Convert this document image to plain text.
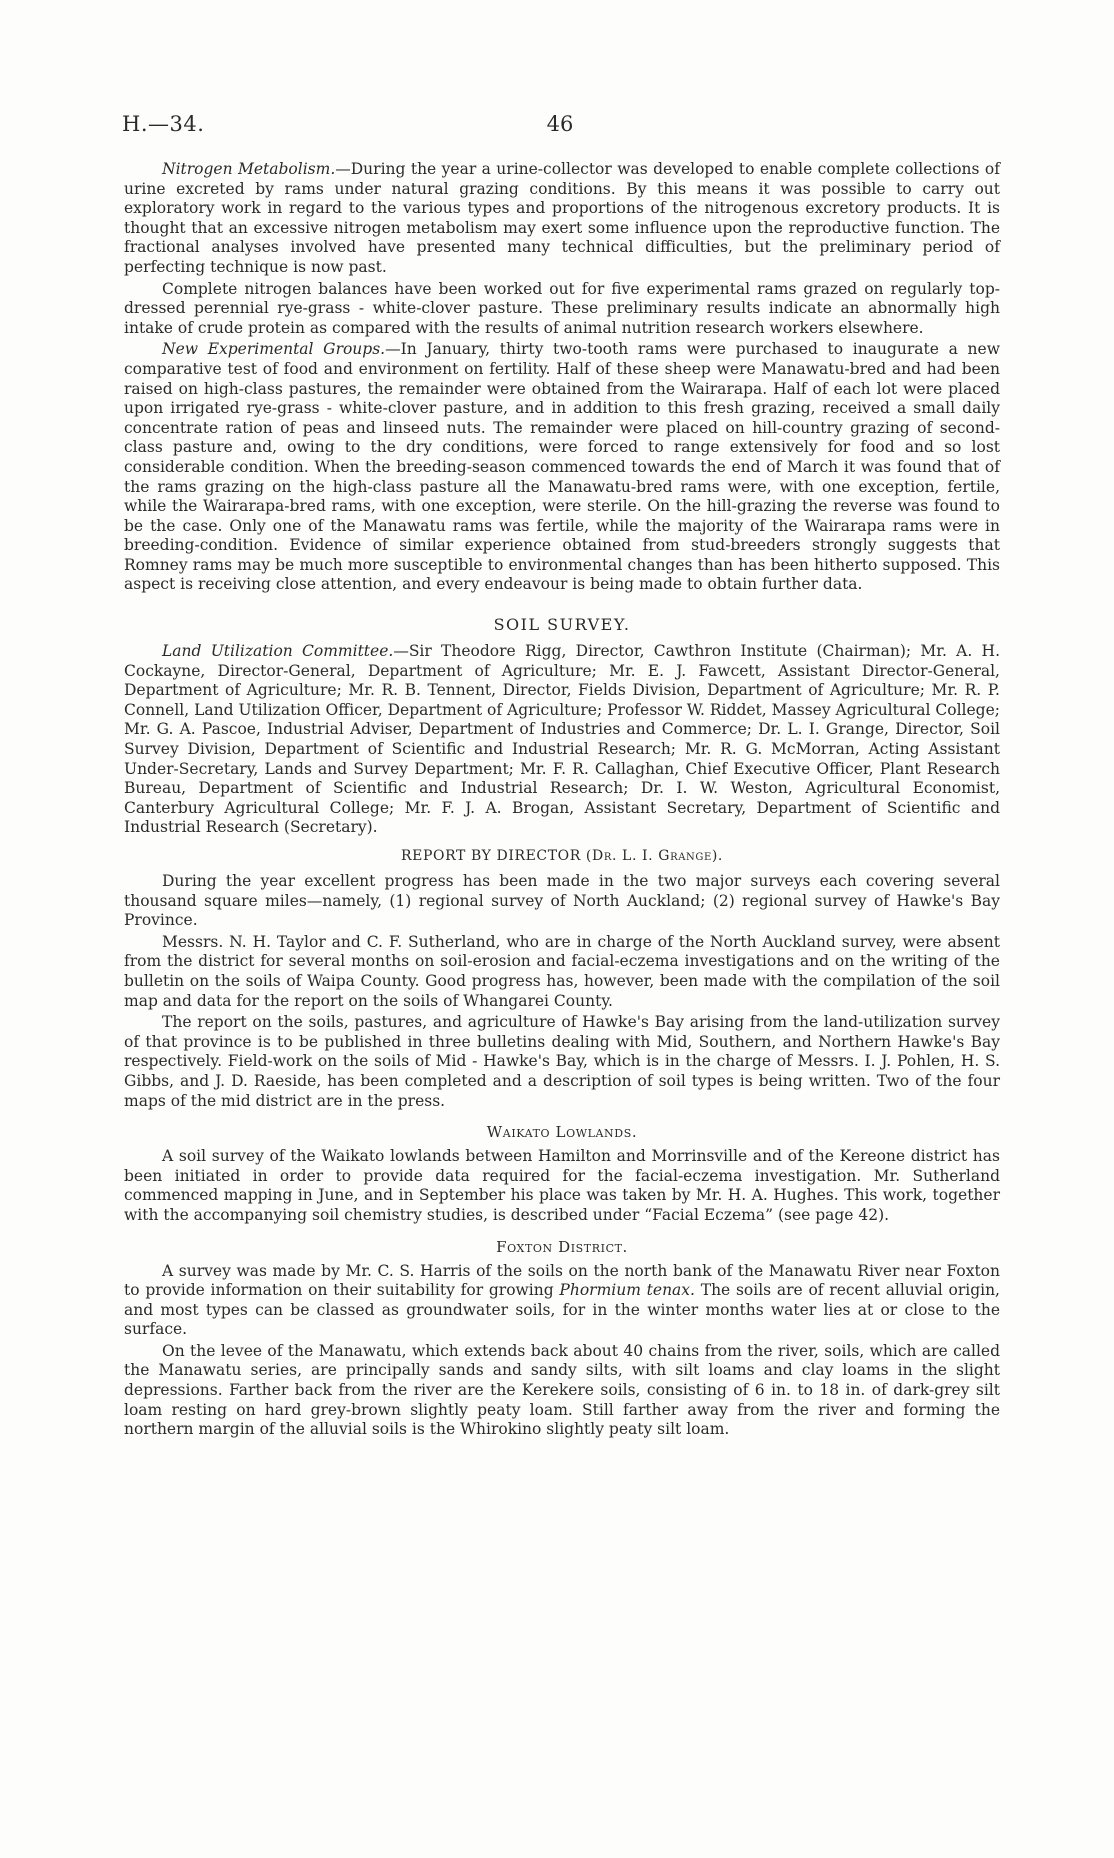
H.—34.	46

Nitrogen Metabolism.—During the year a urine-collector was developed to enable complete collections of urine excreted by rams under natural grazing conditions. By this means it was possible to carry out exploratory work in regard to the various types and proportions of the nitrogenous excretory products. It is thought that an excessive nitrogen metabolism may exert some influence upon the reproductive function. The fractional analyses involved have presented many technical difficulties, but the preliminary period of perfecting technique is now past.

Complete nitrogen balances have been worked out for five experimental rams grazed on regularly top-dressed perennial rye-grass - white-clover pasture. These preliminary results indicate an abnormally high intake of crude protein as compared with the results of animal nutrition research workers elsewhere.

New Experimental Groups.—In January, thirty two-tooth rams were purchased to inaugurate a new comparative test of food and environment on fertility. Half of these sheep were Manawatu-bred and had been raised on high-class pastures, the remainder were obtained from the Wairarapa. Half of each lot were placed upon irrigated rye-grass - white-clover pasture, and in addition to this fresh grazing, received a small daily concentrate ration of peas and linseed nuts. The remainder were placed on hill-country grazing of second-class pasture and, owing to the dry conditions, were forced to range extensively for food and so lost considerable condition. When the breeding-season commenced towards the end of March it was found that of the rams grazing on the high-class pasture all the Manawatu-bred rams were, with one exception, fertile, while the Wairarapa-bred rams, with one exception, were sterile. On the hill-grazing the reverse was found to be the case. Only one of the Manawatu rams was fertile, while the majority of the Wairarapa rams were in breeding-condition. Evidence of similar experience obtained from stud-breeders strongly suggests that Romney rams may be much more susceptible to environmental changes than has been hitherto supposed. This aspect is receiving close attention, and every endeavour is being made to obtain further data.

SOIL SURVEY.

Land Utilization Committee.—Sir Theodore Rigg, Director, Cawthron Institute (Chairman); Mr. A. H. Cockayne, Director-General, Department of Agriculture; Mr. E. J. Fawcett, Assistant Director-General, Department of Agriculture; Mr. R. B. Tennent, Director, Fields Division, Department of Agriculture; Mr. R. P. Connell, Land Utilization Officer, Department of Agriculture; Professor W. Riddet, Massey Agricultural College; Mr. G. A. Pascoe, Industrial Adviser, Department of Industries and Commerce; Dr. L. I. Grange, Director, Soil Survey Division, Department of Scientific and Industrial Research; Mr. R. G. McMorran, Acting Assistant Under-Secretary, Lands and Survey Department; Mr. F. R. Callaghan, Chief Executive Officer, Plant Research Bureau, Department of Scientific and Industrial Research; Dr. I. W. Weston, Agricultural Economist, Canterbury Agricultural College; Mr. F. J. A. Brogan, Assistant Secretary, Department of Scientific and Industrial Research (Secretary).

REPORT BY DIRECTOR (Dr. L. I. Grange).

During the year excellent progress has been made in the two major surveys each covering several thousand square miles—namely, (1) regional survey of North Auckland; (2) regional survey of Hawke's Bay Province.

Messrs. N. H. Taylor and C. F. Sutherland, who are in charge of the North Auckland survey, were absent from the district for several months on soil-erosion and facial-eczema investigations and on the writing of the bulletin on the soils of Waipa County. Good progress has, however, been made with the compilation of the soil map and data for the report on the soils of Whangarei County.

The report on the soils, pastures, and agriculture of Hawke's Bay arising from the land-utilization survey of that province is to be published in three bulletins dealing with Mid, Southern, and Northern Hawke's Bay respectively. Field-work on the soils of Mid - Hawke's Bay, which is in the charge of Messrs. I. J. Pohlen, H. S. Gibbs, and J. D. Raeside, has been completed and a description of soil types is being written. Two of the four maps of the mid district are in the press.

Waikato Lowlands.

A soil survey of the Waikato lowlands between Hamilton and Morrinsville and of the Kereone district has been initiated in order to provide data required for the facial-eczema investigation. Mr. Sutherland commenced mapping in June, and in September his place was taken by Mr. H. A. Hughes. This work, together with the accompanying soil chemistry studies, is described under “Facial Eczema” (see page 42).

Foxton District.

A survey was made by Mr. C. S. Harris of the soils on the north bank of the Manawatu River near Foxton to provide information on their suitability for growing Phormium tenax. The soils are of recent alluvial origin, and most types can be classed as groundwater soils, for in the winter months water lies at or close to the surface.

On the levee of the Manawatu, which extends back about 40 chains from the river, soils, which are called the Manawatu series, are principally sands and sandy silts, with silt loams and clay loams in the slight depressions. Farther back from the river are the Kerekere soils, consisting of 6 in. to 18 in. of dark-grey silt loam resting on hard grey-brown slightly peaty loam. Still farther away from the river and forming the northern margin of the alluvial soils is the Whirokino slightly peaty silt loam.
